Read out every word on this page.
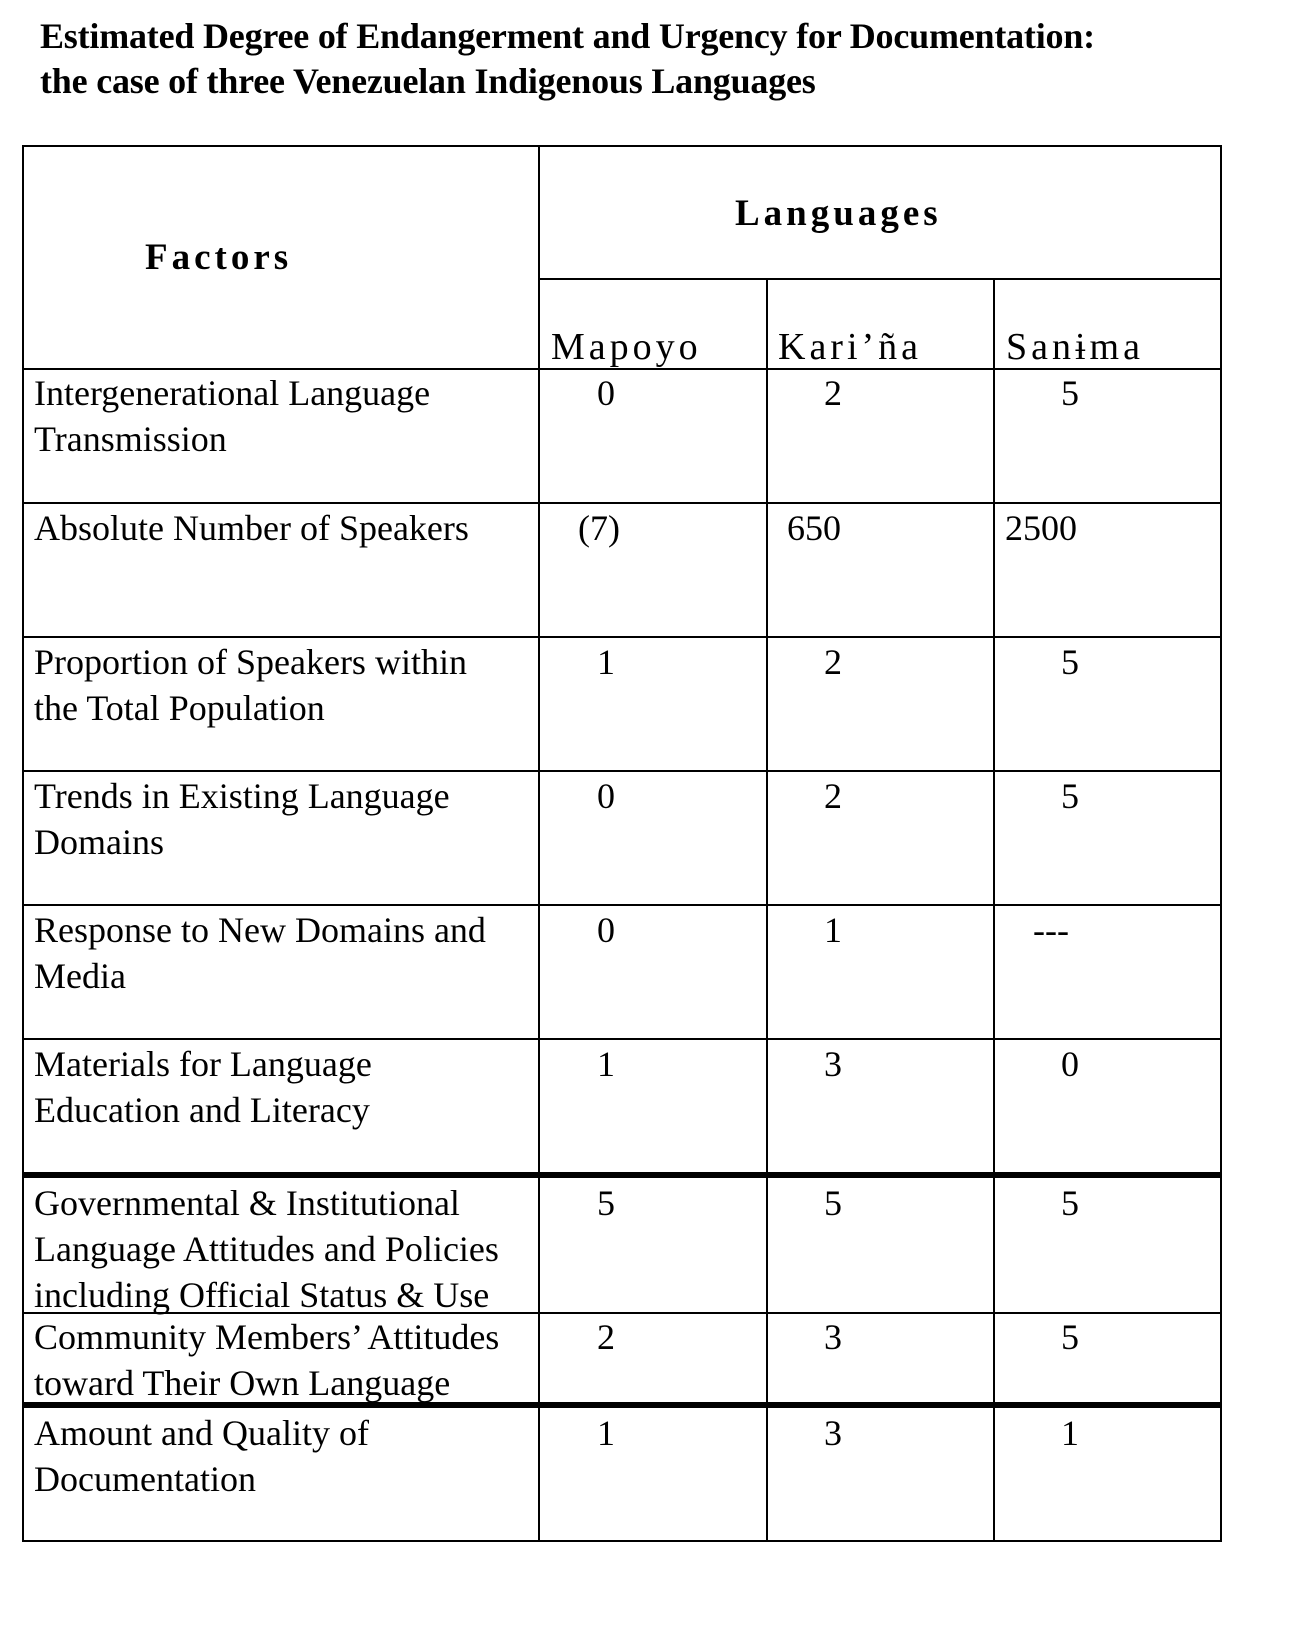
Estimated Degree of Endangerment and Urgency for Documentation:
the case of three Venezuelan Indigenous Languages
Factors
Languages
Mapoyo Kari’ña Sanɨma
Intergenerational Language
Transmission
0	2	5
Absolute Number of Speakers	(7)	650	2500
Proportion of Speakers within
the Total Population
1	2	5
Trends in Existing Language
Domains
0	2	5
Response to New Domains and
Media
0	1	---
Materials for Language
Education and Literacy
1	3	0
Governmental & Institutional
Language Attitudes and Policies
including Official Status & Use
5	5	5
Community Members’ Attitudes
toward Their Own Language
2	3	5
Amount and Quality of
Documentation
1	3	1
